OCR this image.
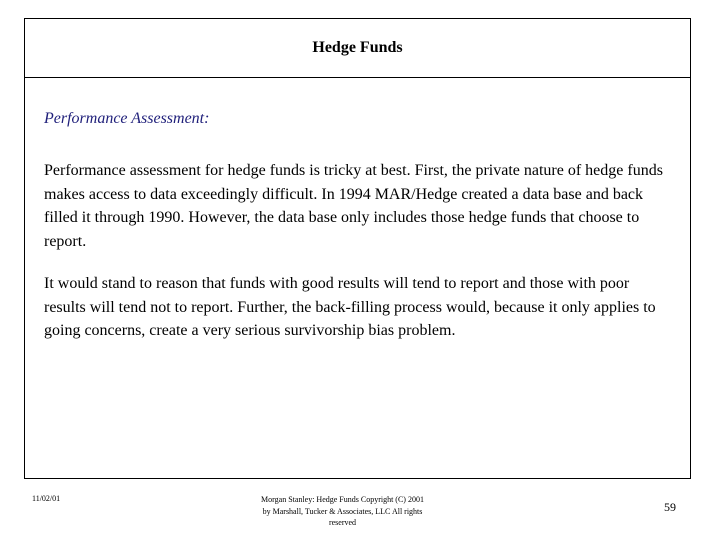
Hedge Funds
Performance Assessment:

Performance assessment for hedge funds is tricky at best. First, the private nature of hedge funds makes access to data exceedingly difficult. In 1994 MAR/Hedge created a data base and back filled it through 1990. However, the data base only includes those hedge funds that choose to report.

It would stand to reason that funds with good results will tend to report and those with poor results will tend not to report. Further, the back-filling process would, because it only applies to going concerns, create a very serious survivorship bias problem.

11/02/01	Morgan Stanley: Hedge Funds Copyright (C) 2001
by Marshall, Tucker & Associates, LLC All rights
reserved
59
